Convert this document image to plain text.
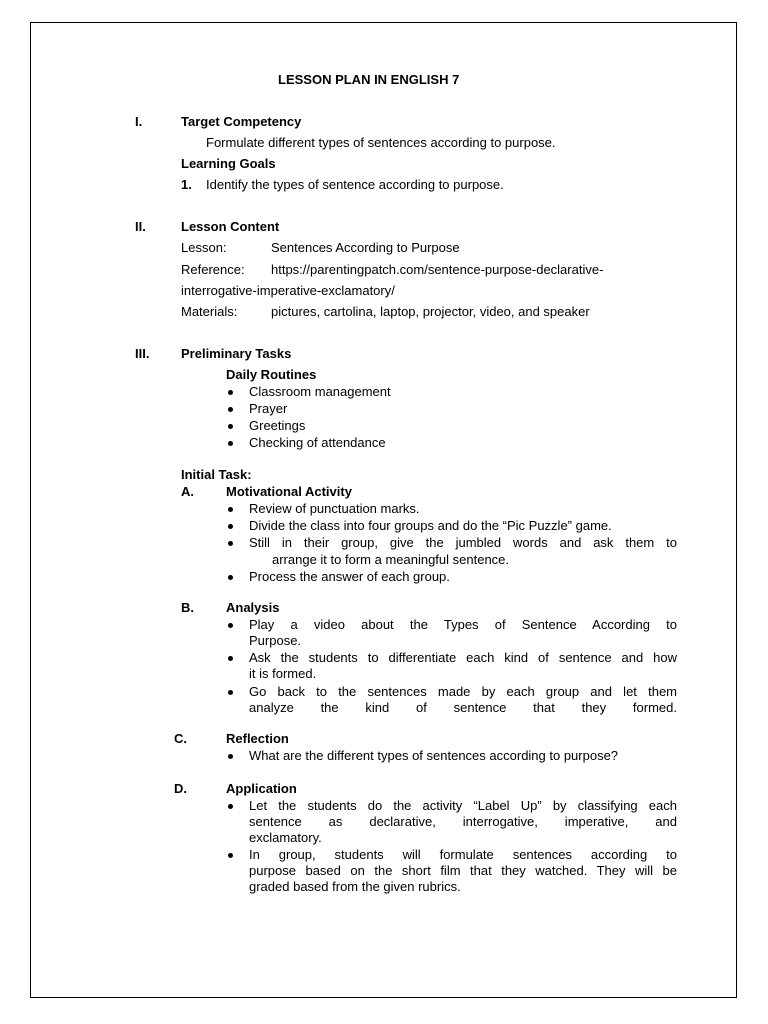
LESSON PLAN IN ENGLISH 7
I.	Target Competency
Formulate different types of sentences according to purpose.
Learning Goals
1. Identify the types of sentence according to purpose.
II.	Lesson Content
Lesson:	Sentences According to Purpose
Reference: https://parentingpatch.com/sentence-purpose-declarative-
interrogative-imperative-exclamatory/
Materials:	pictures, cartolina, laptop, projector, video, and speaker
III. Preliminary Tasks
Daily Routines
Classroom management
Prayer
Greetings
Checking of attendance
Initial Task:
A. Motivational Activity
Review of punctuation marks.
Divide the class into four groups and do the “Pic Puzzle” game.
Still in their group, give the jumbled words and ask them to
arrange it to form a meaningful sentence.
Process the answer of each group.
B. Analysis
Play a video about the Types of Sentence According to
Purpose.
Ask the students to differentiate each kind of sentence and how
it is formed.
Go back to the sentences made by each group and let them
analyze the kind of sentence that they formed.
C.	Reflection
What are the different types of sentences according to purpose?
D.	Application
Let the students do the activity “Label Up” by classifying each
sentence as declarative, interrogative, imperative, and
exclamatory.
In group, students will formulate sentences according to
purpose based on the short film that they watched. They will be
graded based from the given rubrics.
